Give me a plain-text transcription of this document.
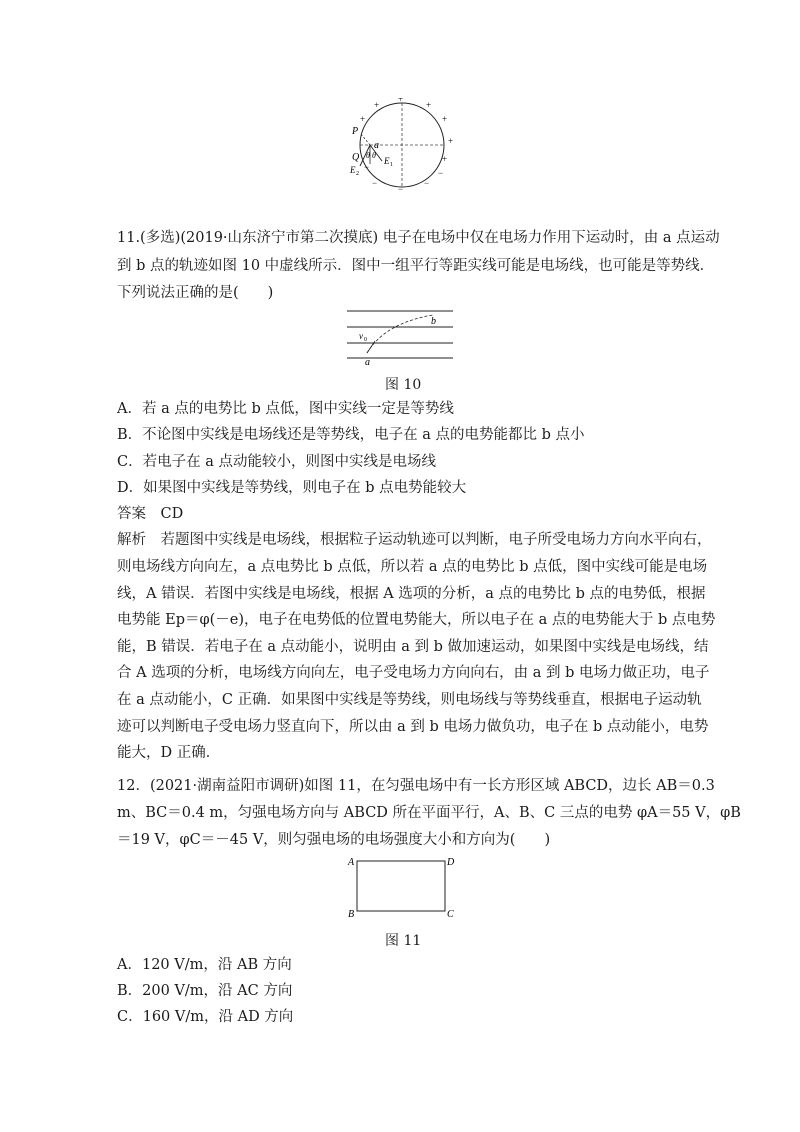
+
+
+
+	+
+
+
−
−
−
−
−
P
Q
a
θ θ
E 1
E 2
11.(多选)(2019·山东济宁市第二次摸底) 电子在电场中仅在电场力作用下运动时，由 a 点运动
到 b 点的轨迹如图 10 中虚线所示．图中一组平行等距实线可能是电场线，也可能是等势线．
下列说法正确的是(　　)
b
v 0
a
图 10
A．若 a 点的电势比 b 点低，图中实线一定是等势线
B．不论图中实线是电场线还是等势线，电子在 a 点的电势能都比 b 点小
C．若电子在 a 点动能较小，则图中实线是电场线
D．如果图中实线是等势线，则电子在 b 点电势能较大
答案　CD
解析　若题图中实线是电场线，根据粒子运动轨迹可以判断，电子所受电场力方向水平向右，
则电场线方向向左，a 点电势比 b 点低，所以若 a 点的电势比 b 点低，图中实线可能是电场
线，A 错误．若图中实线是电场线，根据 A 选项的分析，a 点的电势比 b 点的电势低，根据
电势能 Ep＝φ(－e)，电子在电势低的位置电势能大，所以电子在 a 点的电势能大于 b 点电势
能，B 错误．若电子在 a 点动能小，说明由 a 到 b 做加速运动，如果图中实线是电场线，结
合 A 选项的分析，电场线方向向左，电子受电场力方向向右，由 a 到 b 电场力做正功，电子
在 a 点动能小，C 正确．如果图中实线是等势线，则电场线与等势线垂直，根据电子运动轨
迹可以判断电子受电场力竖直向下，所以由 a 到 b 电场力做负功，电子在 b 点动能小，电势
能大，D 正确．
12．(2021·湖南益阳市调研)如图 11，在匀强电场中有一长方形区域 ABCD，边长 AB＝0.3
m、BC＝0.4 m，匀强电场方向与 ABCD 所在平面平行，A、B、C 三点的电势 φA＝55 V，φB
＝19 V，φC＝－45 V，则匀强电场的电场强度大小和方向为(　　)
A	D
B	C
图 11
A．120 V/m，沿 AB 方向
B．200 V/m，沿 AC 方向
C．160 V/m，沿 AD 方向
